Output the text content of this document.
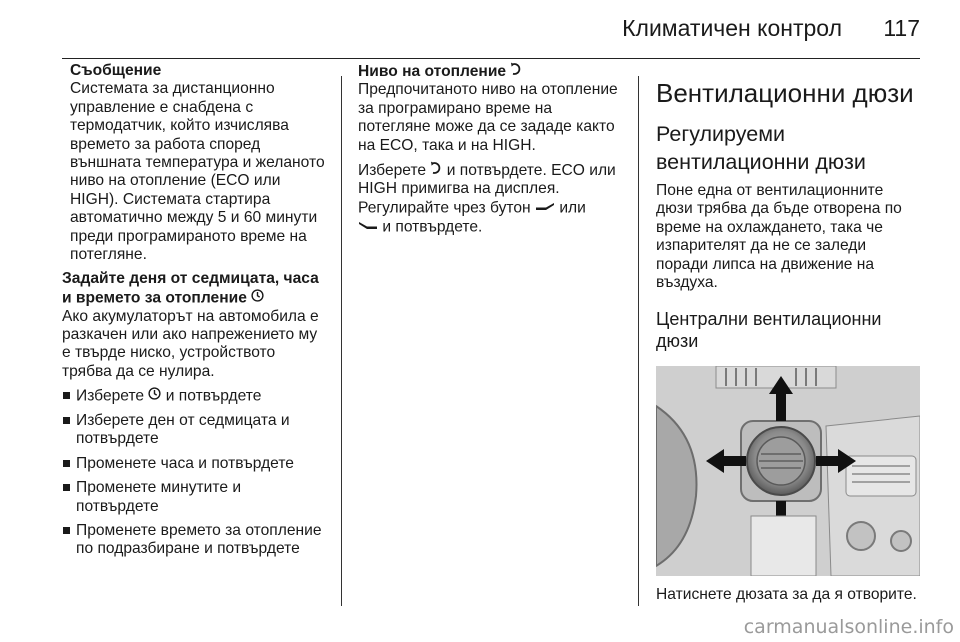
Климатичен контрол 117

Съобщение

Системата за дистанционно управление е снабдена с термодатчик, който изчислява времето за работа според външната температура и желаното ниво на отопление (ECO или HIGH). Системата стартира автоматично между 5 и 60 минути преди програмираното време на потегляне.

Задайте деня от седмицата, часа и времето за отопление

Ако акумулаторът на автомобила е разкачен или ако напрежението му е твърде ниско, устройството трябва да се нулира.

Изберете и потвърдете
Изберете ден от седмицата и потвърдете
Променете часа и потвърдете
Променете минутите и потвърдете
Променете времето за отопление по подразбиране и потвърдете

Ниво на отопление

Предпочитаното ниво на отопление за програмирано време на потегляне може да се зададе както на ECO, така и на HIGH.

Изберете и потвърдете. ECO или HIGH примигва на дисплея. Регулирайте чрез бутон или
и потвърдете.

Вентилационни дюзи
Регулируеми вентилационни дюзи

Поне една от вентилационните дюзи трябва да бъде отворена по време на охлаждането, така че изпарителят да не се заледи поради липса на движение на въздуха.

Централни вентилационни дюзи

Натиснете дюзата за да я отворите.

carmanualsonline.info
